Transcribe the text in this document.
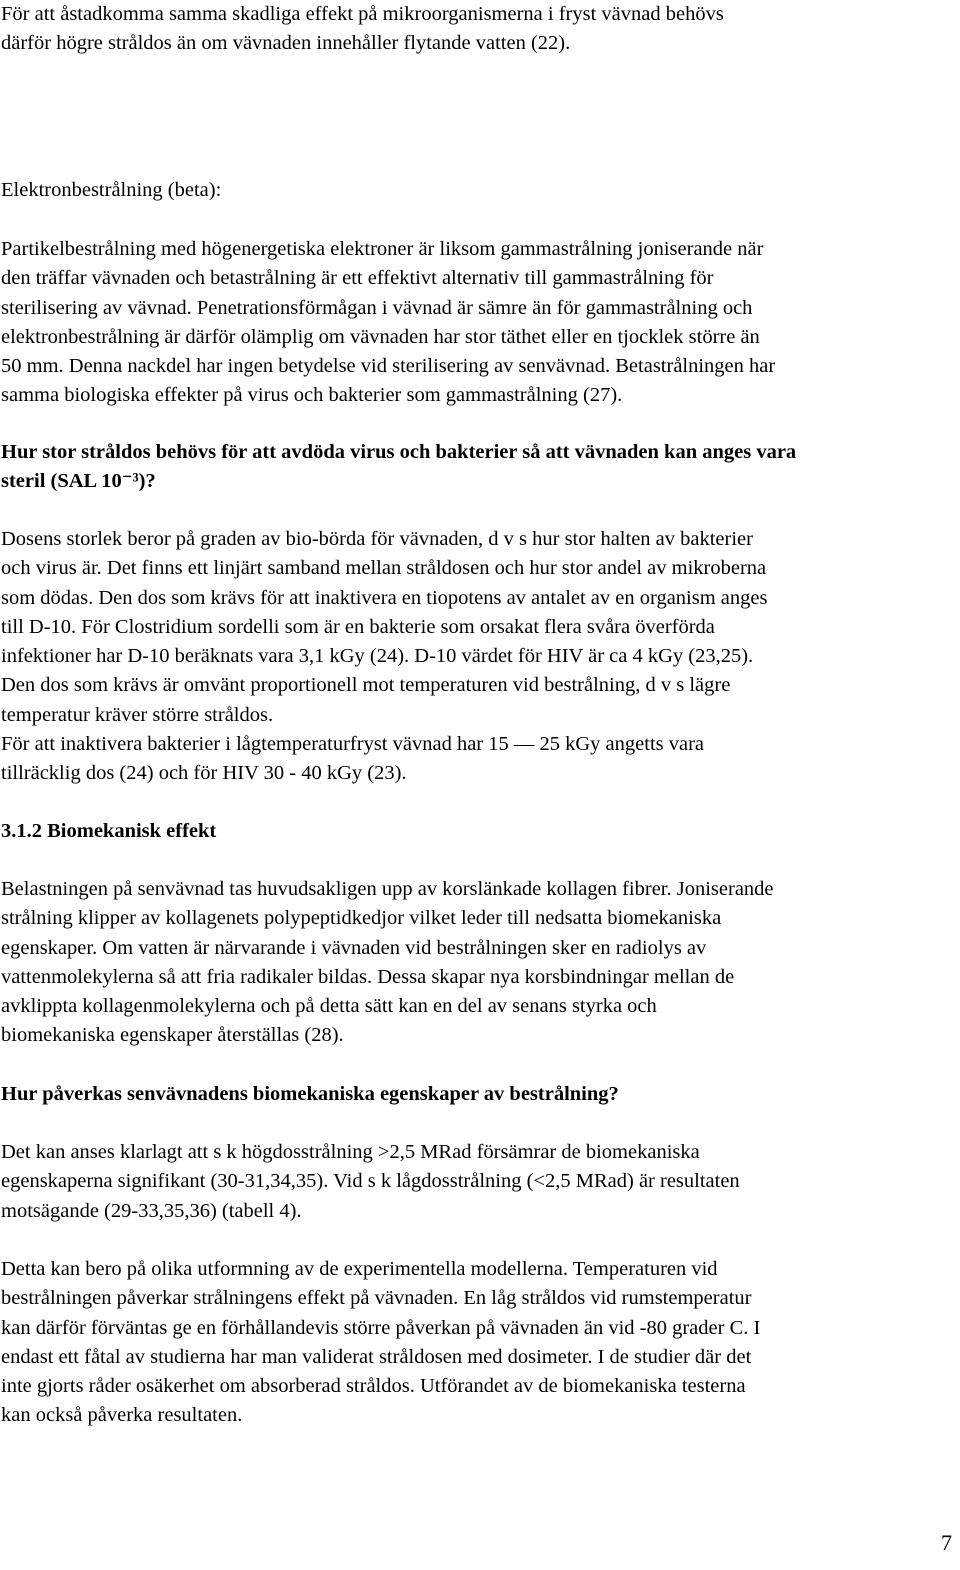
För att åstadkomma samma skadliga effekt på mikroorganismerna i fryst vävnad behövs
därför högre stråldos än om vävnaden innehåller flytande vatten (22).
Elektronbestrålning (beta):
Partikelbestrålning med högenergetiska elektroner är liksom gammastrålning joniserande när
den träffar vävnaden och betastrålning är ett effektivt alternativ till gammastrålning för
sterilisering av vävnad. Penetrationsförmågan i vävnad är sämre än för gammastrålning och
elektronbestrålning är därför olämplig om vävnaden har stor täthet eller en tjocklek större än
50 mm. Denna nackdel har ingen betydelse vid sterilisering av senvävnad. Betastrålningen har
samma biologiska effekter på virus och bakterier som gammastrålning (27).
Hur stor stråldos behövs för att avdöda virus och bakterier så att vävnaden kan anges vara
steril (SAL 10⁻³)?
Dosens storlek beror på graden av bio-börda för vävnaden, d v s hur stor halten av bakterier
och virus är. Det finns ett linjärt samband mellan stråldosen och hur stor andel av mikroberna
som dödas. Den dos som krävs för att inaktivera en tiopotens av antalet av en organism anges
till D-10. För Clostridium sordelli som är en bakterie som orsakat flera svåra överförda
infektioner har D-10 beräknats vara 3,1 kGy (24). D-10 värdet för HIV är ca 4 kGy (23,25).
Den dos som krävs är omvänt proportionell mot temperaturen vid bestrålning, d v s lägre
temperatur kräver större stråldos.
För att inaktivera bakterier i lågtemperaturfryst vävnad har 15 — 25 kGy angetts vara
tillräcklig dos (24) och för HIV 30 - 40 kGy (23).
3.1.2 Biomekanisk effekt
Belastningen på senvävnad tas huvudsakligen upp av korslänkade kollagen fibrer. Joniserande
strålning klipper av kollagenets polypeptidkedjor vilket leder till nedsatta biomekaniska
egenskaper. Om vatten är närvarande i vävnaden vid bestrålningen sker en radiolys av
vattenmolekylerna så att fria radikaler bildas. Dessa skapar nya korsbindningar mellan de
avklippta kollagenmolekylerna och på detta sätt kan en del av senans styrka och
biomekaniska egenskaper återställas (28).
Hur påverkas senvävnadens biomekaniska egenskaper av bestrålning?
Det kan anses klarlagt att s k högdosstrålning >2,5 MRad försämrar de biomekaniska
egenskaperna signifikant (30-31,34,35). Vid s k lågdosstrålning (<2,5 MRad) är resultaten
motsägande (29-33,35,36) (tabell 4).
Detta kan bero på olika utformning av de experimentella modellerna. Temperaturen vid
bestrålningen påverkar strålningens effekt på vävnaden. En låg stråldos vid rumstemperatur
kan därför förväntas ge en förhållandevis större påverkan på vävnaden än vid -80 grader C. I
endast ett fåtal av studierna har man validerat stråldosen med dosimeter. I de studier där det
inte gjorts råder osäkerhet om absorberad stråldos. Utförandet av de biomekaniska testerna
kan också påverka resultaten.
7
